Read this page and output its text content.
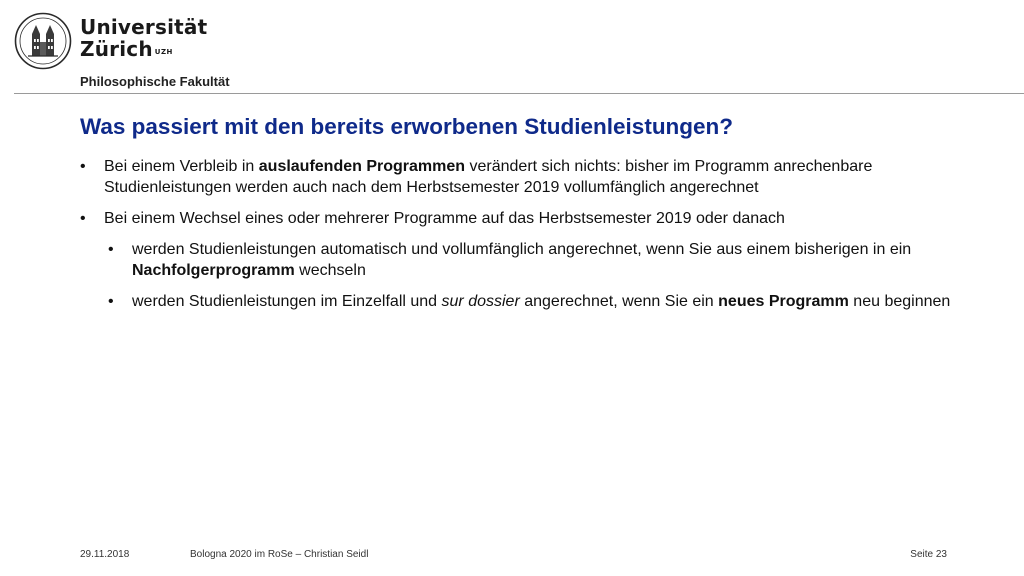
Universität
Zürich $^{UZH}$
Philosophische Fakultät
Was passiert mit den bereits erworbenen Studienleistungen?
• Bei einem Verbleib in auslaufenden Programmen verändert sich nichts: bisher im Programm anrechenbare Studienleistungen werden auch nach dem Herbstsemester 2019 vollumfänglich angerechnet
• Bei einem Wechsel eines oder mehrerer Programme auf das Herbstsemester 2019 oder danach
• werden Studienleistungen automatisch und vollumfänglich angerechnet, wenn Sie aus einem bisherigen in ein Nachfolgerprogramm wechseln
• werden Studienleistungen im Einzelfall und sur dossier angerechnet, wenn Sie ein neues Programm neu beginnen
29.11.2018	Bologna 2020 im RoSe – Christian Seidl	Seite 23
